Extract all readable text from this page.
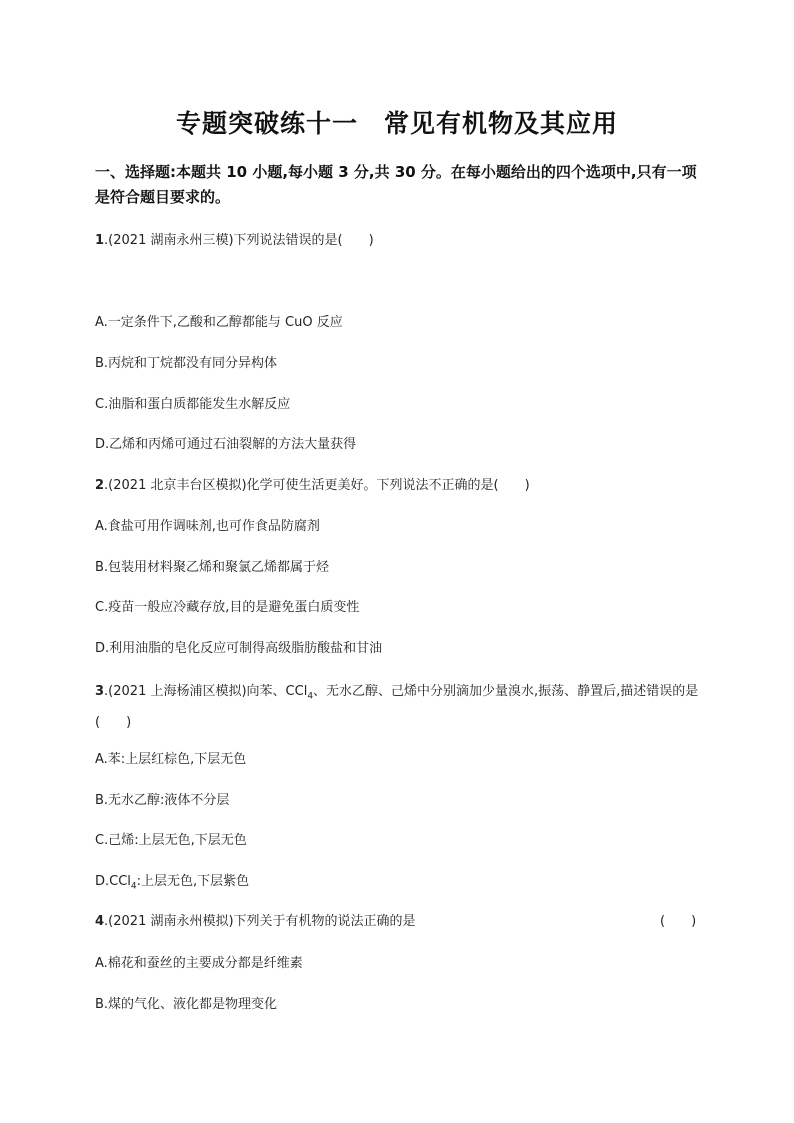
专题突破练十一　常见有机物及其应用
一、选择题:本题共 10 小题,每小题 3 分,共 30 分。在每小题给出的四个选项中,只有一项是符合题目要求的。
1.(2021 湖南永州三模)下列说法错误的是(　　)
A.一定条件下,乙酸和乙醇都能与 CuO 反应
B.丙烷和丁烷都没有同分异构体
C.油脂和蛋白质都能发生水解反应
D.乙烯和丙烯可通过石油裂解的方法大量获得
2.(2021 北京丰台区模拟)化学可使生活更美好。下列说法不正确的是(　　)
A.食盐可用作调味剂,也可作食品防腐剂
B.包装用材料聚乙烯和聚氯乙烯都属于烃
C.疫苗一般应冷藏存放,目的是避免蛋白质变性
D.利用油脂的皂化反应可制得高级脂肪酸盐和甘油
3.(2021 上海杨浦区模拟)向苯、CCl$_4$、无水乙醇、己烯中分别滴加少量溴水,振荡、静置后,描述错误的是(　　)
A.苯:上层红棕色,下层无色
B.无水乙醇:液体不分层
C.己烯:上层无色,下层无色
D.CCl$_4$:上层无色,下层紫色
4.(2021 湖南永州模拟)下列关于有机物的说法正确的是	(　　)
A.棉花和蚕丝的主要成分都是纤维素
B.煤的气化、液化都是物理变化
